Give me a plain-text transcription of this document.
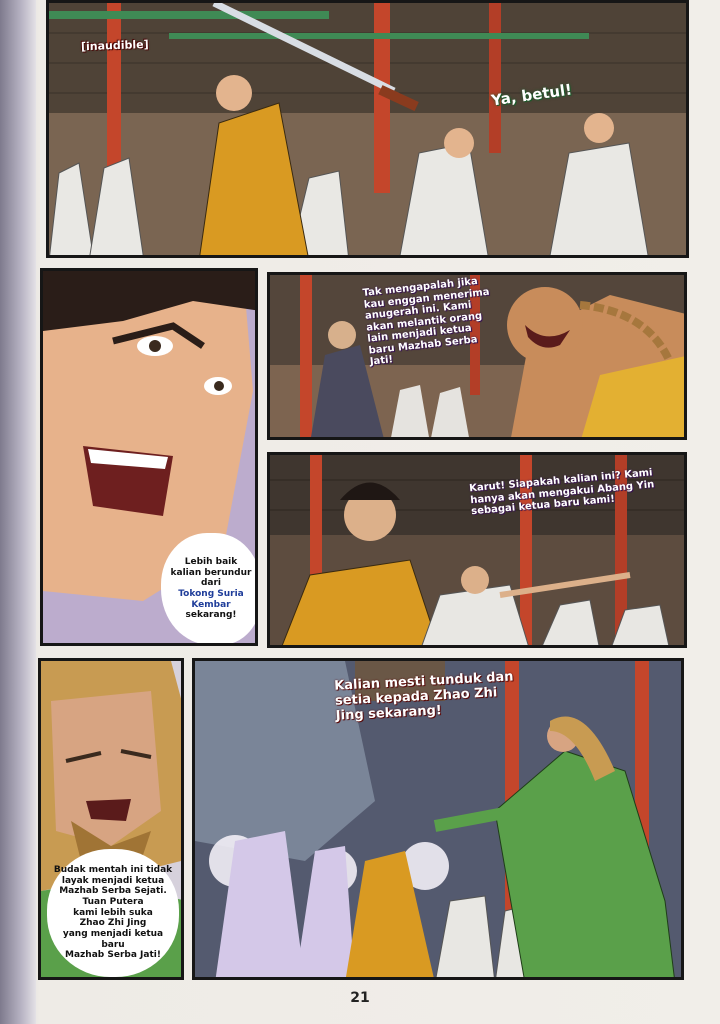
[inaudible]
Ya, betul!
Lebih baik
kalian berundur
dari
Tokong Suria Kembar
sekarang!
Tak mengapalah jika kau enggan menerima anugerah ini. Kami akan melantik orang lain menjadi ketua baru Mazhab Serba Jati!
Karut! Siapakah kalian ini? Kami hanya akan mengakui Abang Yin sebagai ketua baru kami!
Budak mentah ini tidak layak menjadi ketua
Mazhab Serba Sejati. Tuan Putera
kami lebih suka
Zhao Zhi Jing
yang menjadi ketua baru
Mazhab Serba Jati!
Kalian mesti tunduk dan setia kepada Zhao Zhi Jing sekarang!
21
